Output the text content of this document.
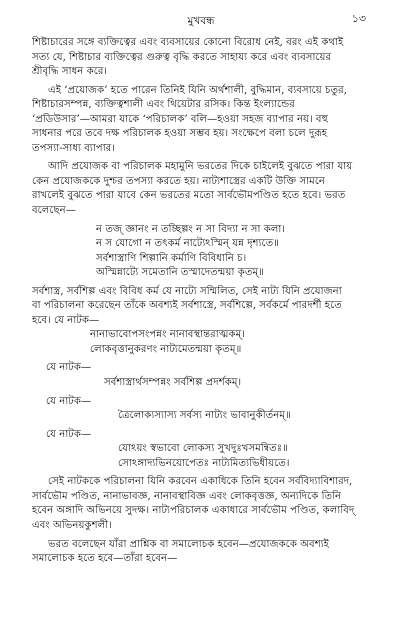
মুখবন্ধ	১৩

শিষ্টাচারের সঙ্গে ব্যক্তিত্বের এবং ব্যবসায়ের কোনো বিরোধ নেই, বরং এই কথাই

সত্য যে, শিষ্টাচার ব্যক্তিত্বের গুরুত্ব বৃদ্ধি করতে সাহায্য করে এবং ব্যবসায়ের

শ্রীবৃদ্ধি সাধন করে।

এই ‘প্রযোজক’ হতে পারেন তিনিই যিনি অর্থশালী, বুদ্ধিমান, ব্যবসায়ে চতুর,

শিষ্টাচারসম্পন্ন, ব্যক্তিত্বশালী এবং থিয়েটার রসিক। কিন্ত ইংল্যান্ডের

‘প্রডিউসার’—আমরা যাকে ‘পরিচালক’ বলি—হওয়া সহজ ব্যাপার নয়। বহু

সাধনার পরে তবে দক্ষ পরিচালক হওয়া সম্ভব হয়। সংক্ষেপে বলা চলে দুরূহ

তপস্যা-সাধ্য ব্যাপার।

আদি প্রযোজক বা পরিচালক মহামুনি ভরতের দিকে চাইলেই বুঝতে পারা যায়

কেন প্রযোজককে দুশ্চর তপস্যা করতে হয়। নাট্যশাস্ত্রের একটি উক্তি সামনে

রাখলেই বুঝতে পারা যাবে কেন ভরতের মতো সার্বভৌমপণ্ডিত হতে হবে। ভরত

বলেছেন—

ন তজ্ জ্ঞানং ন তচ্ছিল্পং ন সা বিদ্যা ন সা কলা।

ন স যোগো ন তৎকর্ম নাট্যেঽস্মিন্ যন্ন দৃশ্যতে॥

সর্বশাস্ত্রাণি শিল্পানি কর্মাণি বিবিধানি চ।

অস্মিন্নাট্যে সমেতানি তস্মাদেতন্ময়া কৃতম্॥

সর্বশাস্ত্র, সর্বশিল্প এবং বিবিধ কর্ম যে নাট্যে সম্মিলিত, সেই নাট্য যিনি প্রযোজনা

বা পরিচালনা করেছেন তাঁকে অবশ্যই সর্বশাস্ত্রে, সর্বশিল্পে, সর্বকর্মে পারদর্শী হতে

হবে। যে নাটক—

নানাভাবোপসংপন্নং নানাবস্থান্তরাত্মকম্।

লোকবৃত্তানুকরণং নাট্যমেতন্ময়া কৃতম্॥

যে নাটক—

সর্বশাস্ত্রার্থসম্পন্নং সর্বশিল্প প্রদর্শকম্।

যে নাটক—

ত্রৈলোক্যস্যাস্য সর্বস্য নাট্যং ভাবানুকীর্তনম্॥

যে নাটক—

যোঽয়ং স্বভাবো লোকস্য সুখদুঃখসমন্বিতঃ॥

সোঽঙ্গাদ্যভিনয়োপেতঃ নাট্যমিত্যভিধীয়তে।

সেই নাটককে পরিচালনা যিনি করবেন একাধিকে তিনি হবেন সর্ববিদ্যাবিশারদ,

সার্বভৌম পণ্ডিত, নানাভাবজ্ঞ, নানাবস্থাবিজ্ঞ এবং লোকবৃত্তজ্ঞ, অন্যদিকে তিনি

হবেন অঙ্গাদি অভিনয়ে সুদক্ষ। নাট্যপরিচালক একাধারে সার্বভৌম পণ্ডিত, কলাবিদ্

এবং অভিনয়কুশলী।

ভরত বলেছেন যাঁরা প্রাশ্নিক বা সমালোচক হবেন—প্রযোজককে অবশ্যই

সমালোচক হতে হবে—তাঁরা হবেন—
